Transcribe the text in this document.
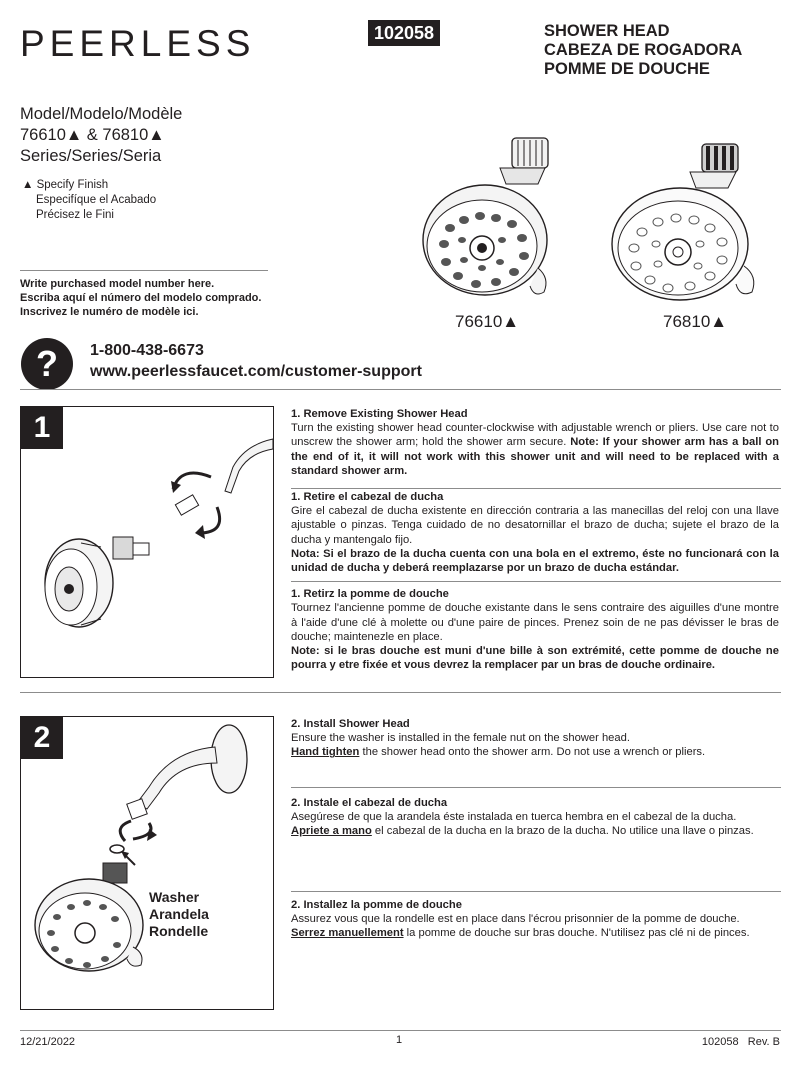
PEERLESS	102058	SHOWER HEAD
CABEZA DE ROGADORA
POMME DE DOUCHE
Model/Modelo/Modèle
76610▲ & 76810▲
Series/Series/Seria
▲ Specify Finish
Especifíque el Acabado
Précisez le Fini
Write purchased model number here.
Escriba aquí el número del modelo comprado.
Inscrivez le numéro de modèle ici.	76610▲	76810▲
?	1-800-438-6673
www.peerlessfaucet.com/customer-support
1	1. Remove Existing Shower Head

Turn the existing shower head counter-clockwise with adjustable wrench or pliers. Use care not to unscrew the shower arm; hold the shower arm secure. Note: If your shower arm has a ball on the end of it, it will not work with this shower unit and will need to be replaced with a standard shower arm.

1. Retire el cabezal de ducha

Gire el cabezal de ducha existente en dirección contraria a las manecillas del reloj con una llave ajustable o pinzas. Tenga cuidado de no desatornillar el brazo de ducha; sujete el brazo de la ducha y mantengalo fijo.

Nota: Si el brazo de la ducha cuenta con una bola en el extremo, éste no funcionará con la unidad de ducha y deberá reemplazarse por un brazo de ducha estándar.

1. Retirz la pomme de douche

Tournez l'ancienne pomme de douche existante dans le sens contraire des aiguilles d'une montre à l'aide d'une clé à molette ou d'une paire de pinces. Prenez soin de ne pas dévisser le bras de douche; maintenezle en place.

Note: si le bras douche est muni d'une bille à son extrémité, cette pomme de douche ne pourra y etre fixée et vous devrez la remplacer par un bras de douche ordinaire.

2
Washer
Arandela
Rondelle
2. Install Shower Head
Ensure the washer is installed in the female nut on the shower head.
Hand tighten the shower head onto the shower arm. Do not use a wrench or pliers.
2. Instale el cabezal de ducha
Asegúrese de que la arandela éste instalada en tuerca hembra en el cabezal de la ducha.
Apriete a mano el cabezal de la ducha en la brazo de la ducha. No utilice una llave o pinzas.
2. Installez la pomme de douche
Assurez vous que la rondelle est en place dans l'écrou prisonnier de la pomme de douche.
Serrez manuellement la pomme de douche sur bras douche. N'utilisez pas clé ni de pinces.
12/21/2022	1	102058   Rev. B
